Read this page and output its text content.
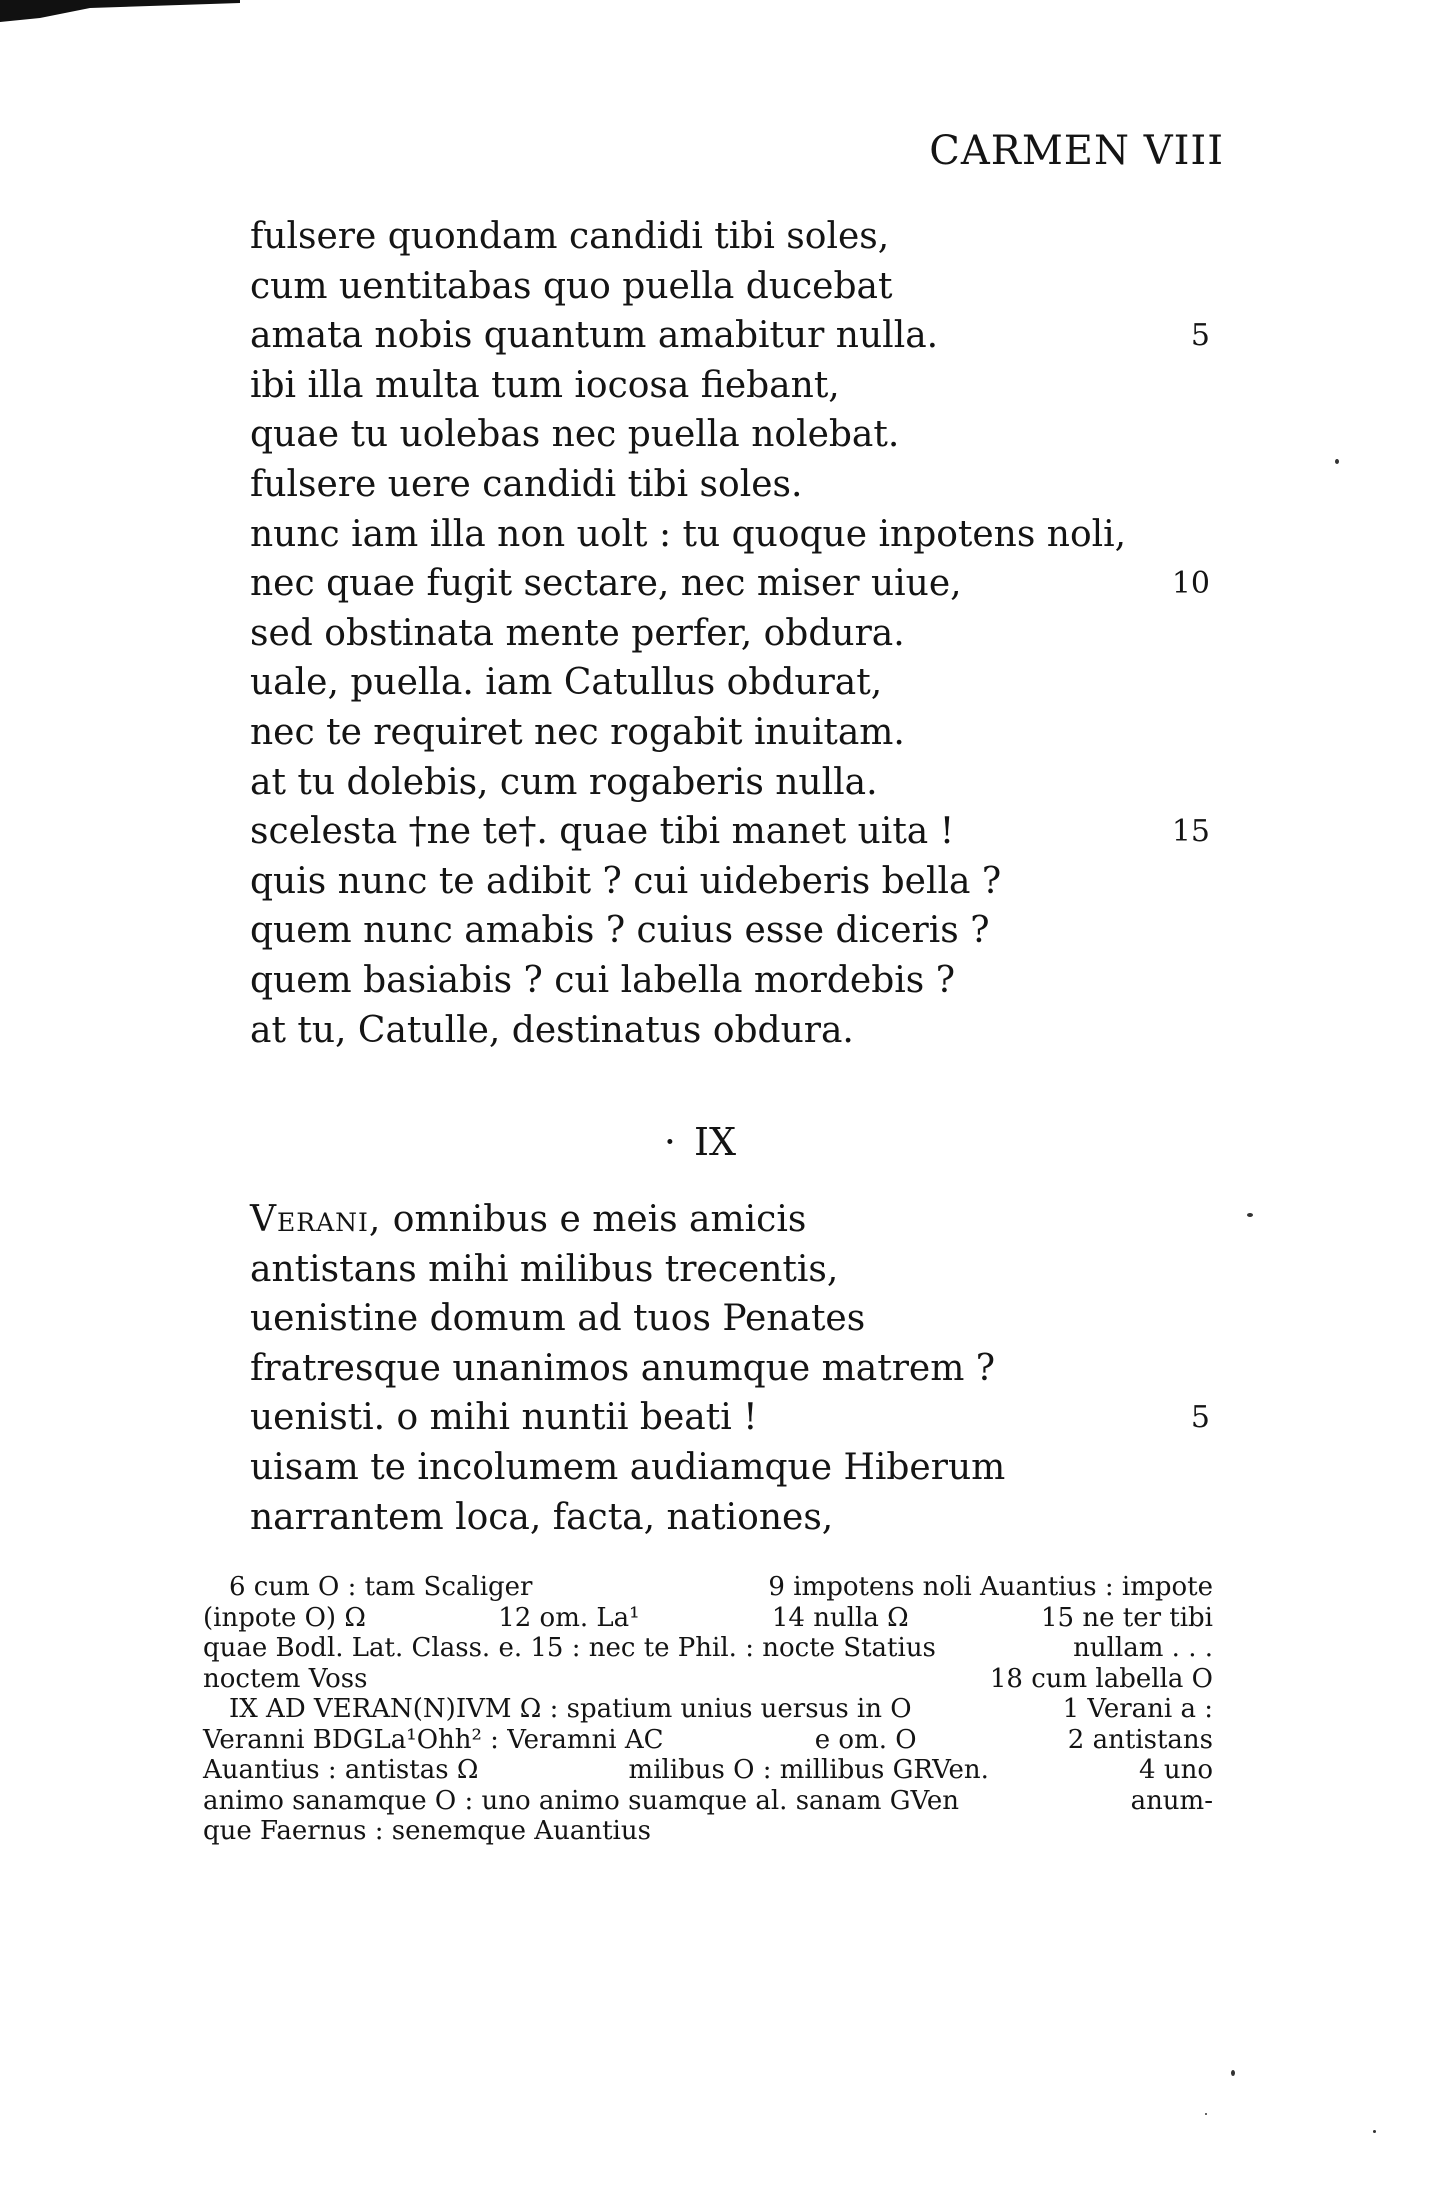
CARMEN VIII
fulsere quondam candidi tibi soles,
cum uentitabas quo puella ducebat
amata nobis quantum amabitur nulla.	5
ibi illa multa tum iocosa fiebant,
quae tu uolebas nec puella nolebat.
fulsere uere candidi tibi soles.
nunc iam illa non uolt : tu quoque inpotens noli,
nec quae fugit sectare, nec miser uiue,	10
sed obstinata mente perfer, obdura.
uale, puella. iam Catullus obdurat,
nec te requiret nec rogabit inuitam.
at tu dolebis, cum rogaberis nulla.
scelesta †ne te†. quae tibi manet uita !	15
quis nunc te adibit ? cui uideberis bella ?
quem nunc amabis ? cuius esse diceris ?
quem basiabis ? cui labella mordebis ?
at tu, Catulle, destinatus obdura.
· IX
Verani, omnibus e meis amicis
antistans mihi milibus trecentis,
uenistine domum ad tuos Penates
fratresque unanimos anumque matrem ?
uenisti. o mihi nuntii beati !	5
uisam te incolumem audiamque Hiberum
narrantem loca, facta, nationes,
6 cum O : tam Scaliger	9 impotens noli Auantius : impote
(inpote O) Ω	12 om. La¹	14 nulla Ω	15 ne ter tibi
quae Bodl. Lat. Class. e. 15 : nec te Phil. : nocte Statius	nullam . . .
noctem Voss	18 cum labella O
IX AD VERAN(N)IVM Ω : spatium unius uersus in O	1 Verani a :
Veranni BDGLa¹Ohh² : Veramni AC	e om. O	2 antistans
Auantius : antistas Ω	milibus O : millibus GRVen.	4 uno
animo sanamque O : uno animo suamque al. sanam GVen	anum-
que Faernus : senemque Auantius
